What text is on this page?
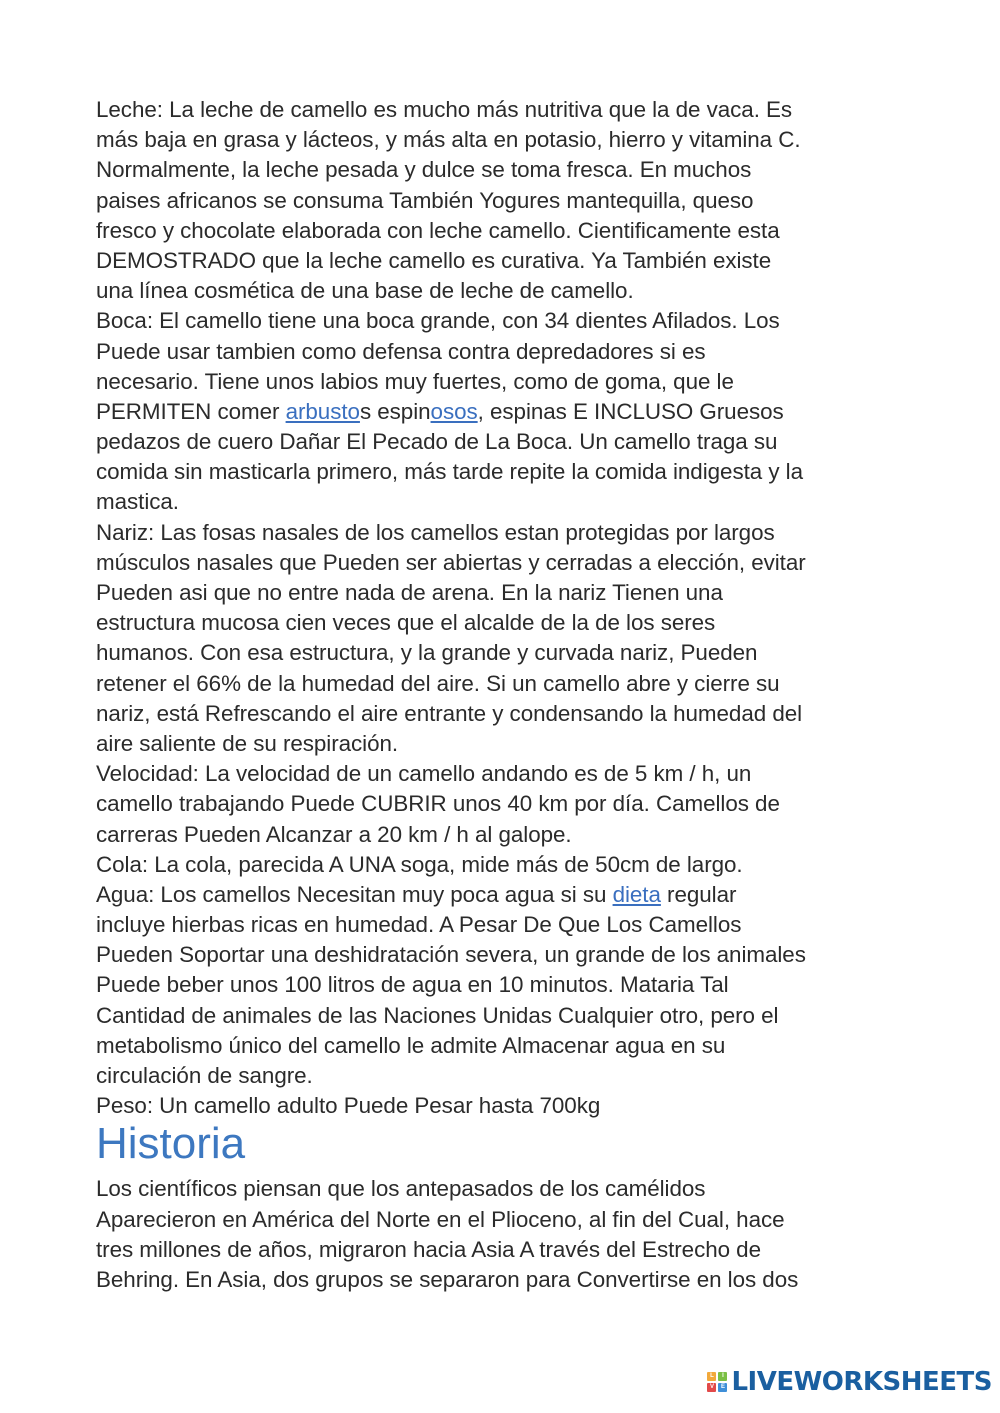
Leche: La leche de camello es mucho más nutritiva que la de vaca. Es
más baja en grasa y lácteos, y más alta en potasio, hierro y vitamina C.
Normalmente, la leche pesada y dulce se toma fresca. En muchos
paises africanos se consuma También Yogures mantequilla, queso
fresco y chocolate elaborada con leche camello. Cientificamente esta
DEMOSTRADO que la leche camello es curativa. Ya También existe
una línea cosmética de una base de leche de camello.
Boca: El camello tiene una boca grande, con 34 dientes Afilados. Los
Puede usar tambien como defensa contra depredadores si es
necesario. Tiene unos labios muy fuertes, como de goma, que le
PERMITEN comer arbustos espinosos, espinas E INCLUSO Gruesos
pedazos de cuero Dañar El Pecado de La Boca. Un camello traga su
comida sin masticarla primero, más tarde repite la comida indigesta y la
mastica.
Nariz: Las fosas nasales de los camellos estan protegidas por largos
músculos nasales que Pueden ser abiertas y cerradas a elección, evitar
Pueden asi que no entre nada de arena. En la nariz Tienen una
estructura mucosa cien veces que el alcalde de la de los seres
humanos. Con esa estructura, y la grande y curvada nariz, Pueden
retener el 66% de la humedad del aire. Si un camello abre y cierre su
nariz, está Refrescando el aire entrante y condensando la humedad del
aire saliente de su respiración.
Velocidad: La velocidad de un camello andando es de 5 km / h, un
camello trabajando Puede CUBRIR unos 40 km por día. Camellos de
carreras Pueden Alcanzar a 20 km / h al galope.
Cola: La cola, parecida A UNA soga, mide más de 50cm de largo.
Agua: Los camellos Necesitan muy poca agua si su dieta regular
incluye hierbas ricas en humedad. A Pesar De Que Los Camellos
Pueden Soportar una deshidratación severa, un grande de los animales
Puede beber unos 100 litros de agua en 10 minutos. Mataria Tal
Cantidad de animales de las Naciones Unidas Cualquier otro, pero el
metabolismo único del camello le admite Almacenar agua en su
circulación de sangre.
Peso: Un camello adulto Puede Pesar hasta 700kg
Historia
Los científicos piensan que los antepasados de los camélidos
Aparecieron en América del Norte en el Plioceno, al fin del Cual, hace
tres millones de años, migraron hacia Asia A través del Estrecho de
Behring. En Asia, dos grupos se separaron para Convertirse en los dos
L	I
V	E LIVEWORKSHEETS
